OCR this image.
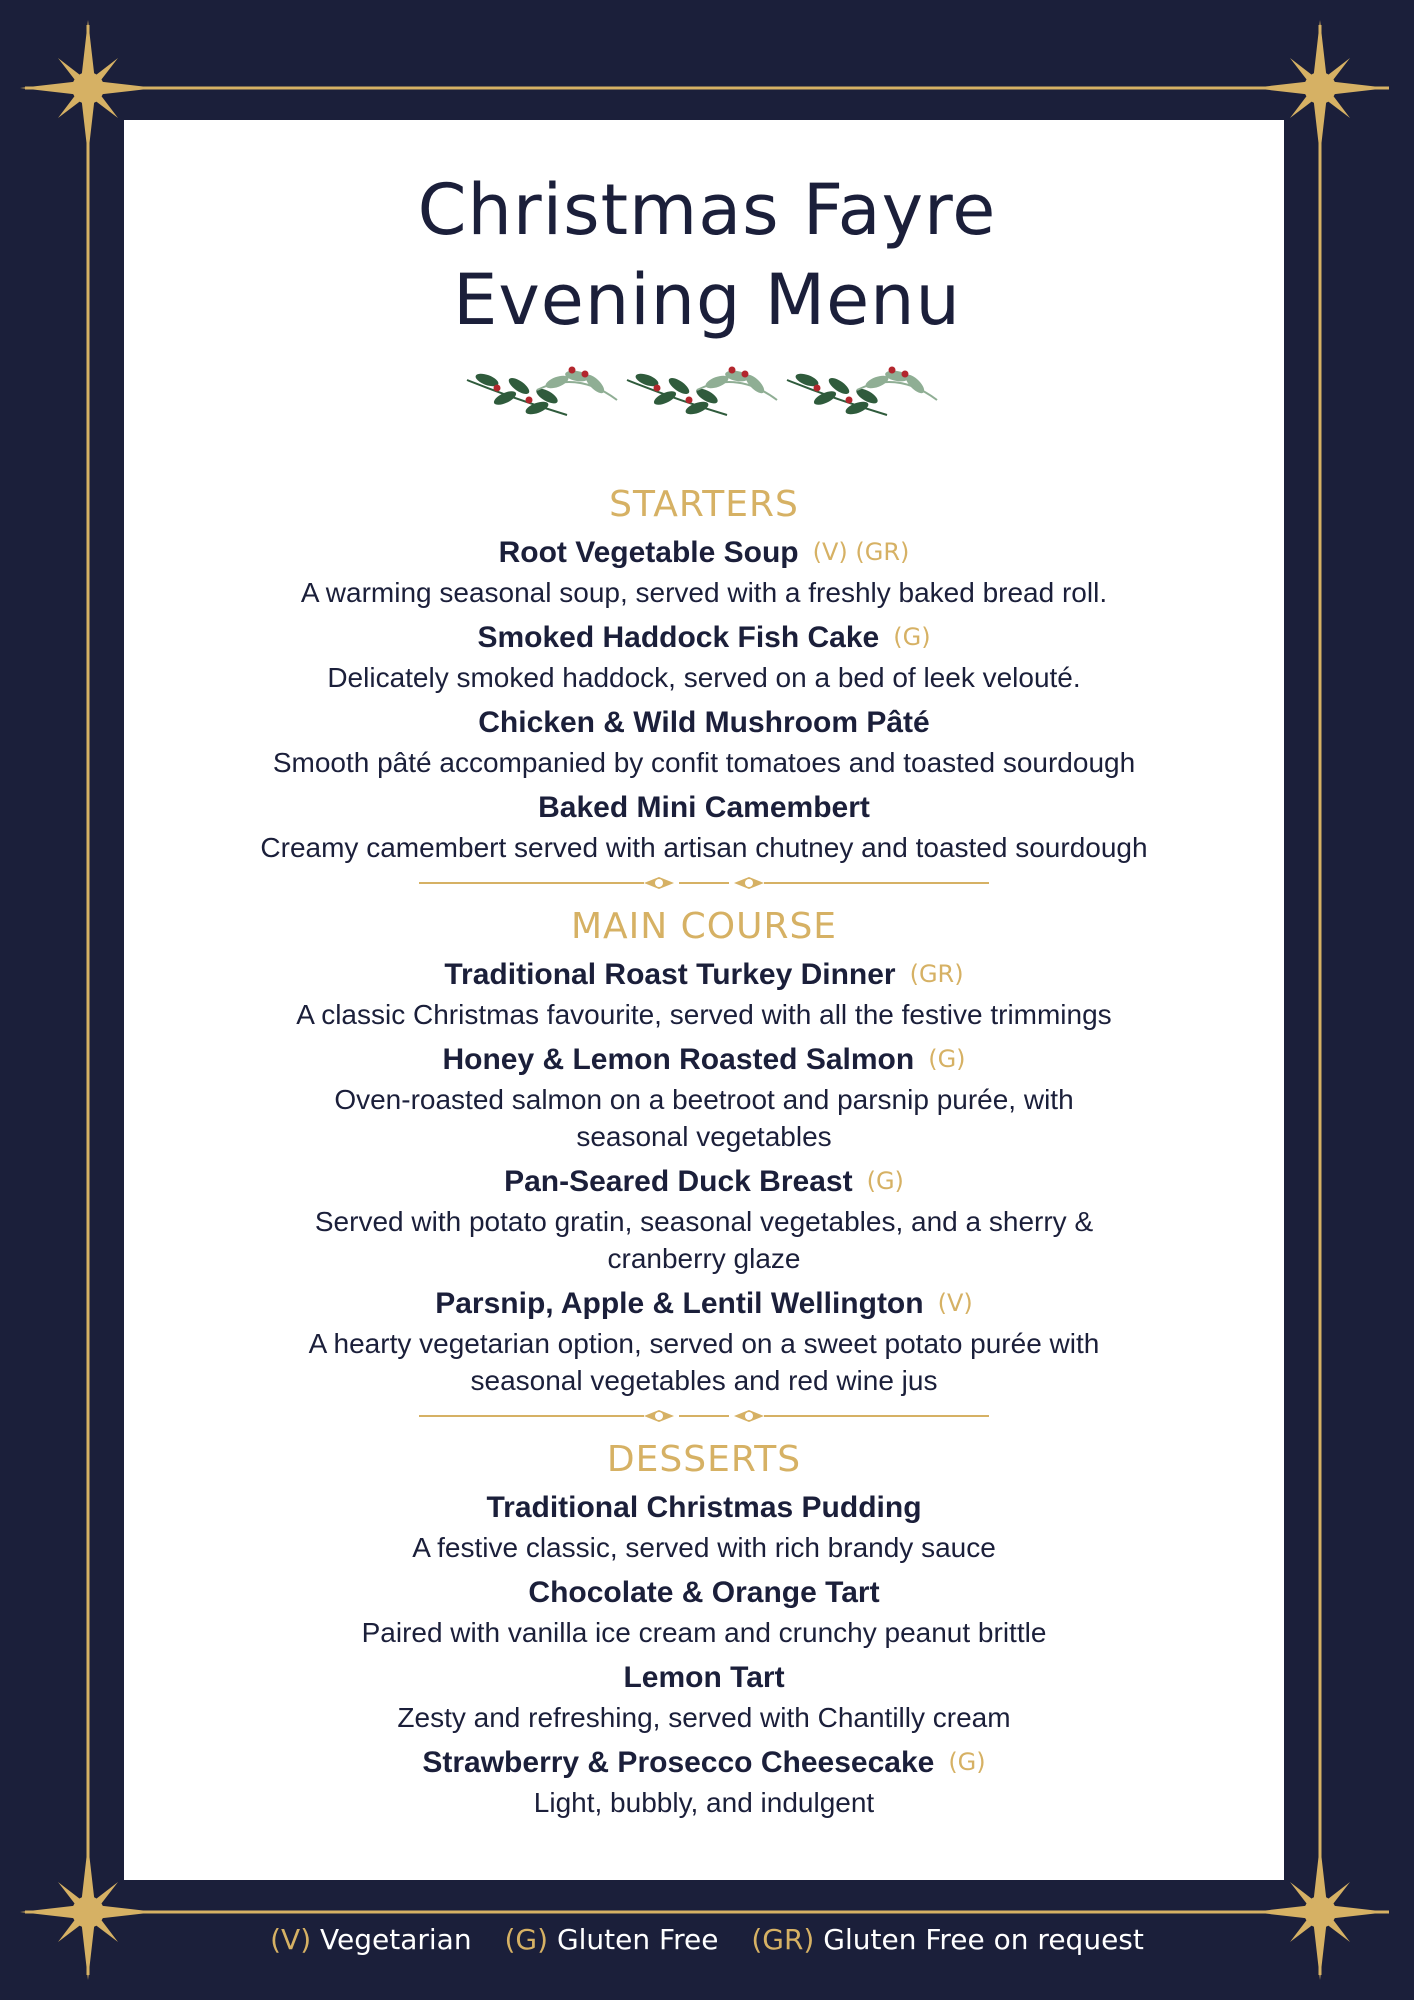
Christmas Fayre
Evening Menu
STARTERS
Root Vegetable Soup (V) (GR)
A warming seasonal soup, served with a freshly baked bread roll.
Smoked Haddock Fish Cake (G)
Delicately smoked haddock, served on a bed of leek velouté.
Chicken & Wild Mushroom Pâté
Smooth pâté accompanied by confit tomatoes and toasted sourdough
Baked Mini Camembert
Creamy camembert served with artisan chutney and toasted sourdough
MAIN COURSE
Traditional Roast Turkey Dinner (GR)
A classic Christmas favourite, served with all the festive trimmings
Honey & Lemon Roasted Salmon (G)
Oven-roasted salmon on a beetroot and parsnip purée, with seasonal vegetables
Pan-Seared Duck Breast (G)
Served with potato gratin, seasonal vegetables, and a sherry & cranberry glaze
Parsnip, Apple & Lentil Wellington (V)
A hearty vegetarian option, served on a sweet potato purée with seasonal vegetables and red wine jus
DESSERTS
Traditional Christmas Pudding
A festive classic, served with rich brandy sauce
Chocolate & Orange Tart
Paired with vanilla ice cream and crunchy peanut brittle
Lemon Tart
Zesty and refreshing, served with Chantilly cream
Strawberry & Prosecco Cheesecake (G)
Light, bubbly, and indulgent
(V) Vegetarian (G) Gluten Free (GR) Gluten Free on request
